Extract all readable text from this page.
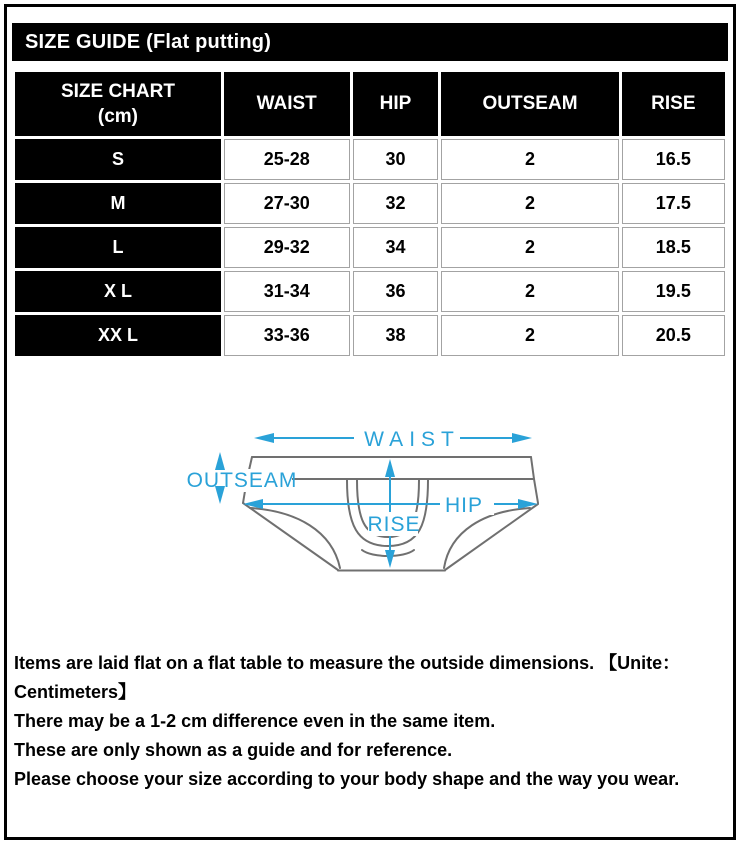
SIZE GUIDE (Flat putting)
SIZE CHART
(cm)	WAIST	HIP	OUTSEAM	RISE
S	25-28	30	2	16.5
M	27-30	32	2	17.5
L	29-32	34	2	18.5
X L	31-34	36	2	19.5
XX L	33-36	38	2	20.5
WAIST
OUTSEAM
HIP
RISE
Items are laid flat on a flat table to measure the outside dimensions. 【Unite：
Centimeters】
There may be a 1-2 cm difference even in the same item.
These are only shown as a guide and for reference.
Please choose your size according to your body shape and the way you wear.
